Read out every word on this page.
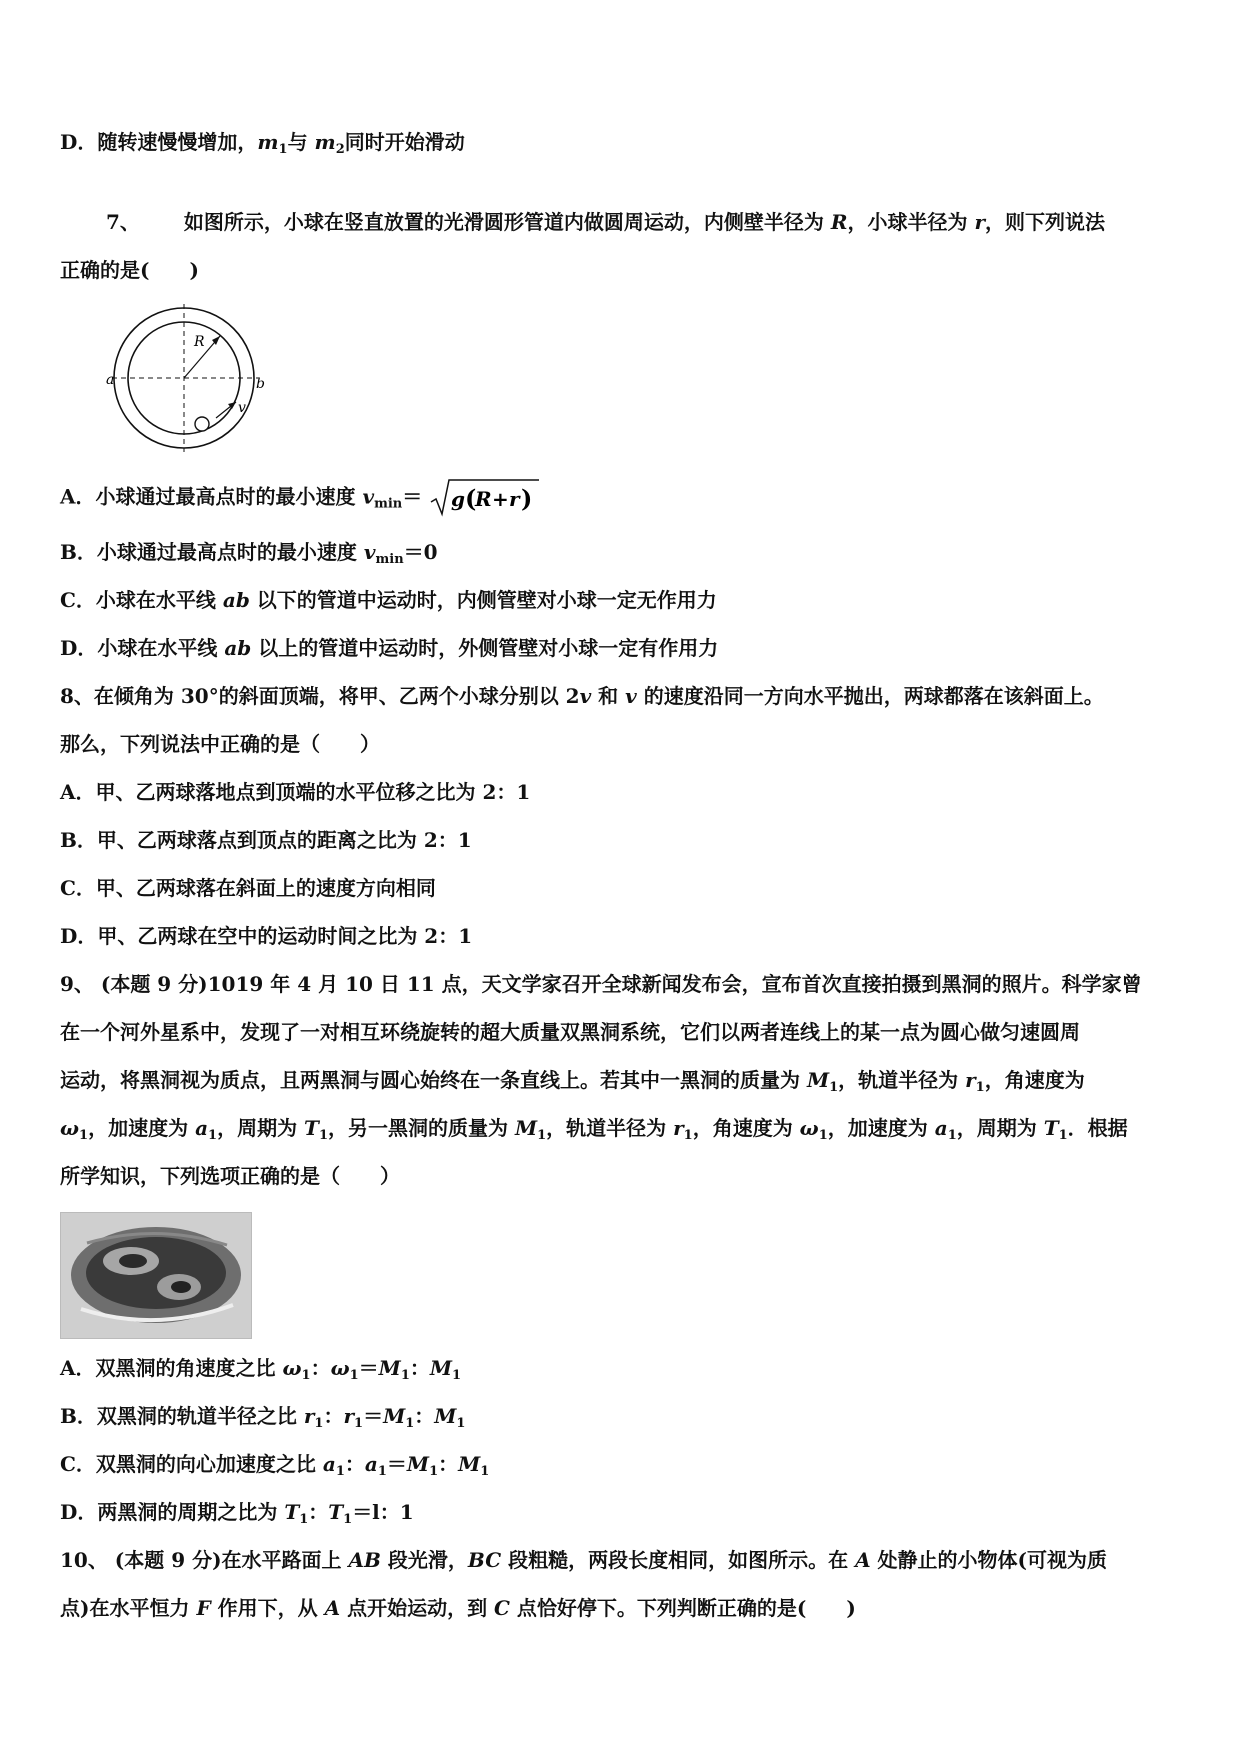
D．随转速慢慢增加，$m_1$与 $m_2$同时开始滑动
7、 如图所示，小球在竖直放置的光滑圆形管道内做圆周运动，内侧壁半径为 R，小球半径为 r，则下列说法
正确的是(　　)
R
a	b
v
A．小球通过最高点时的最小速度 $v_{min}= g$ (
R + r )
B．小球通过最高点时的最小速度 $v_{min}=0$
C．小球在水平线 ab 以下的管道中运动时，内侧管壁对小球一定无作用力
D．小球在水平线 ab 以上的管道中运动时，外侧管壁对小球一定有作用力
8、在倾角为 30°的斜面顶端，将甲、乙两个小球分别以 2v 和 v 的速度沿同一方向水平抛出，两球都落在该斜面上。
那么，下列说法中正确的是（　　）
A．甲、乙两球落地点到顶端的水平位移之比为 2：1
B．甲、乙两球落点到顶点的距离之比为 2：1
C．甲、乙两球落在斜面上的速度方向相同
D．甲、乙两球在空中的运动时间之比为 2：1
9、 (本题 9 分)1019 年 4 月 10 日 11 点，天文学家召开全球新闻发布会，宣布首次直接拍摄到黑洞的照片。科学家曾
在一个河外星系中，发现了一对相互环绕旋转的超大质量双黑洞系统，它们以两者连线上的某一点为圆心做匀速圆周
运动，将黑洞视为质点，且两黑洞与圆心始终在一条直线上。若其中一黑洞的质量为 $M_1$，轨道半径为 $r_1$，角速度为
$\omega_1$，加速度为 $a_1$，周期为 $T_1$，另一黑洞的质量为 $M_1$，轨道半径为 $r_1$，角速度为 $\omega_1$，加速度为 $a_1$，周期为 $T_1$．根据
所学知识，下列选项正确的是（　　）
A．双黑洞的角速度之比 $\omega_1$：$\omega_1=M_1$：$M_1$
B．双黑洞的轨道半径之比 $r_1$：$r_1=M_1$：$M_1$
C．双黑洞的向心加速度之比 $a_1$：$a_1=M_1$：$M_1$
D．两黑洞的周期之比为 $T_1$：$T_1=l$：1
10、 (本题 9 分)在水平路面上 AB 段光滑，BC 段粗糙，两段长度相同，如图所示。在 A 处静止的小物体(可视为质
点)在水平恒力 F 作用下，从 A 点开始运动，到 C 点恰好停下。下列判断正确的是(　　)
